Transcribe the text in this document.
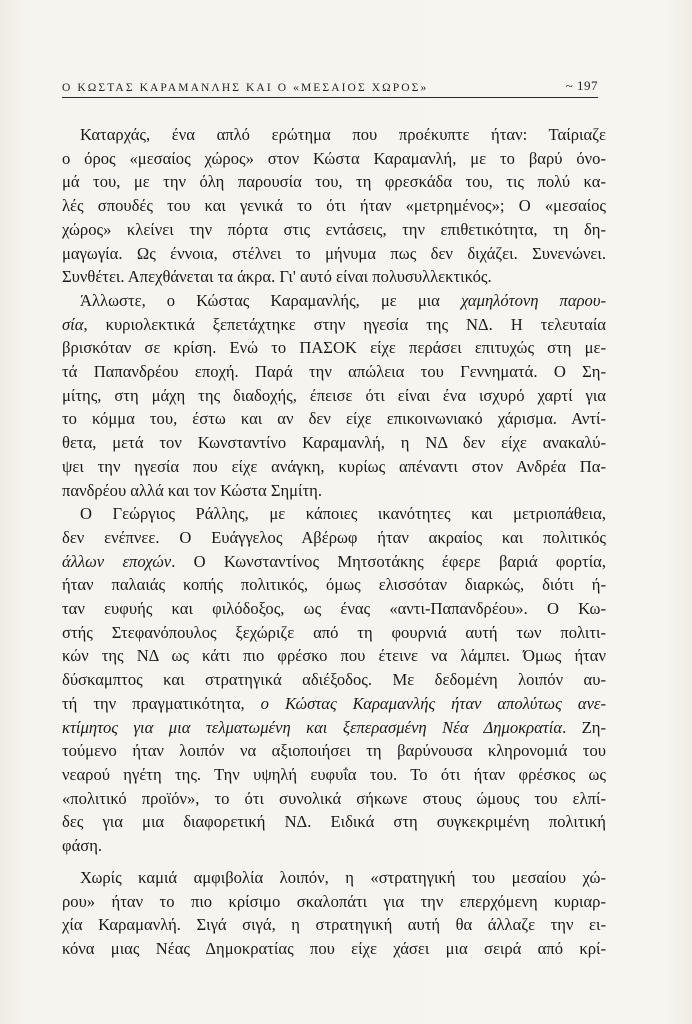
Ο ΚΩΣΤΑΣ ΚΑΡΑΜΑΝΛΗΣ ΚΑΙ Ο «ΜΕΣΑΙΟΣ ΧΩΡΟΣ»	~ 197

Καταρχάς, ένα απλό ερώτημα που προέκυπτε ήταν: Ταίριαζε
ο όρος «μεσαίος χώρος» στον Κώστα Καραμανλή, με το βαρύ όνο-
μά του, με την όλη παρουσία του, τη φρεσκάδα του, τις πολύ κα-
λές σπουδές του και γενικά το ότι ήταν «μετρημένος»; Ο «μεσαίος
χώρος» κλείνει την πόρτα στις εντάσεις, την επιθετικότητα, τη δη-
μαγωγία. Ως έννοια, στέλνει το μήνυμα πως δεν διχάζει. Συνενώνει.
Συνθέτει. Απεχθάνεται τα άκρα. Γι' αυτό είναι πολυσυλλεκτικός.

Άλλωστε, ο Κώστας Καραμανλής, με μια χαμηλότονη παρου-
σία, κυριολεκτικά ξεπετάχτηκε στην ηγεσία της ΝΔ. Η τελευταία
βρισκόταν σε κρίση. Ενώ το ΠΑΣΟΚ είχε περάσει επιτυχώς στη με-
τά Παπανδρέου εποχή. Παρά την απώλεια του Γεννηματά. Ο Ση-
μίτης, στη μάχη της διαδοχής, έπεισε ότι είναι ένα ισχυρό χαρτί για
το κόμμα του, έστω και αν δεν είχε επικοινωνιακό χάρισμα. Αντί-
θετα, μετά τον Κωνσταντίνο Καραμανλή, η ΝΔ δεν είχε ανακαλύ-
ψει την ηγεσία που είχε ανάγκη, κυρίως απέναντι στον Ανδρέα Πα-
πανδρέου αλλά και τον Κώστα Σημίτη.

Ο Γεώργιος Ράλλης, με κάποιες ικανότητες και μετριοπάθεια,
δεν ενέπνεε. Ο Ευάγγελος Αβέρωφ ήταν ακραίος και πολιτικός
άλλων εποχών. Ο Κωνσταντίνος Μητσοτάκης έφερε βαριά φορτία,
ήταν παλαιάς κοπής πολιτικός, όμως ελισσόταν διαρκώς, διότι ή-
ταν ευφυής και φιλόδοξος, ως ένας «αντι-Παπανδρέου». Ο Κω-
στής Στεφανόπουλος ξεχώριζε από τη φουρνιά αυτή των πολιτι-
κών της ΝΔ ως κάτι πιο φρέσκο που έτεινε να λάμπει. Όμως ήταν
δύσκαμπτος και στρατηγικά αδιέξοδος. Με δεδομένη λοιπόν αυ-
τή την πραγματικότητα, ο Κώστας Καραμανλής ήταν απολύτως ανε-
κτίμητος για μια τελματωμένη και ξεπερασμένη Νέα Δημοκρατία. Ζη-
τούμενο ήταν λοιπόν να αξιοποιήσει τη βαρύνουσα κληρονομιά του
νεαρού ηγέτη της. Την υψηλή ευφυΐα του. Το ότι ήταν φρέσκος ως
«πολιτικό προϊόν», το ότι συνολικά σήκωνε στους ώμους του ελπί-
δες για μια διαφορετική ΝΔ. Ειδικά στη συγκεκριμένη πολιτική
φάση.

Χωρίς καμιά αμφιβολία λοιπόν, η «στρατηγική του μεσαίου χώ-
ρου» ήταν το πιο κρίσιμο σκαλοπάτι για την επερχόμενη κυριαρ-
χία Καραμανλή. Σιγά σιγά, η στρατηγική αυτή θα άλλαζε την ει-
κόνα μιας Νέας Δημοκρατίας που είχε χάσει μια σειρά από κρί-
